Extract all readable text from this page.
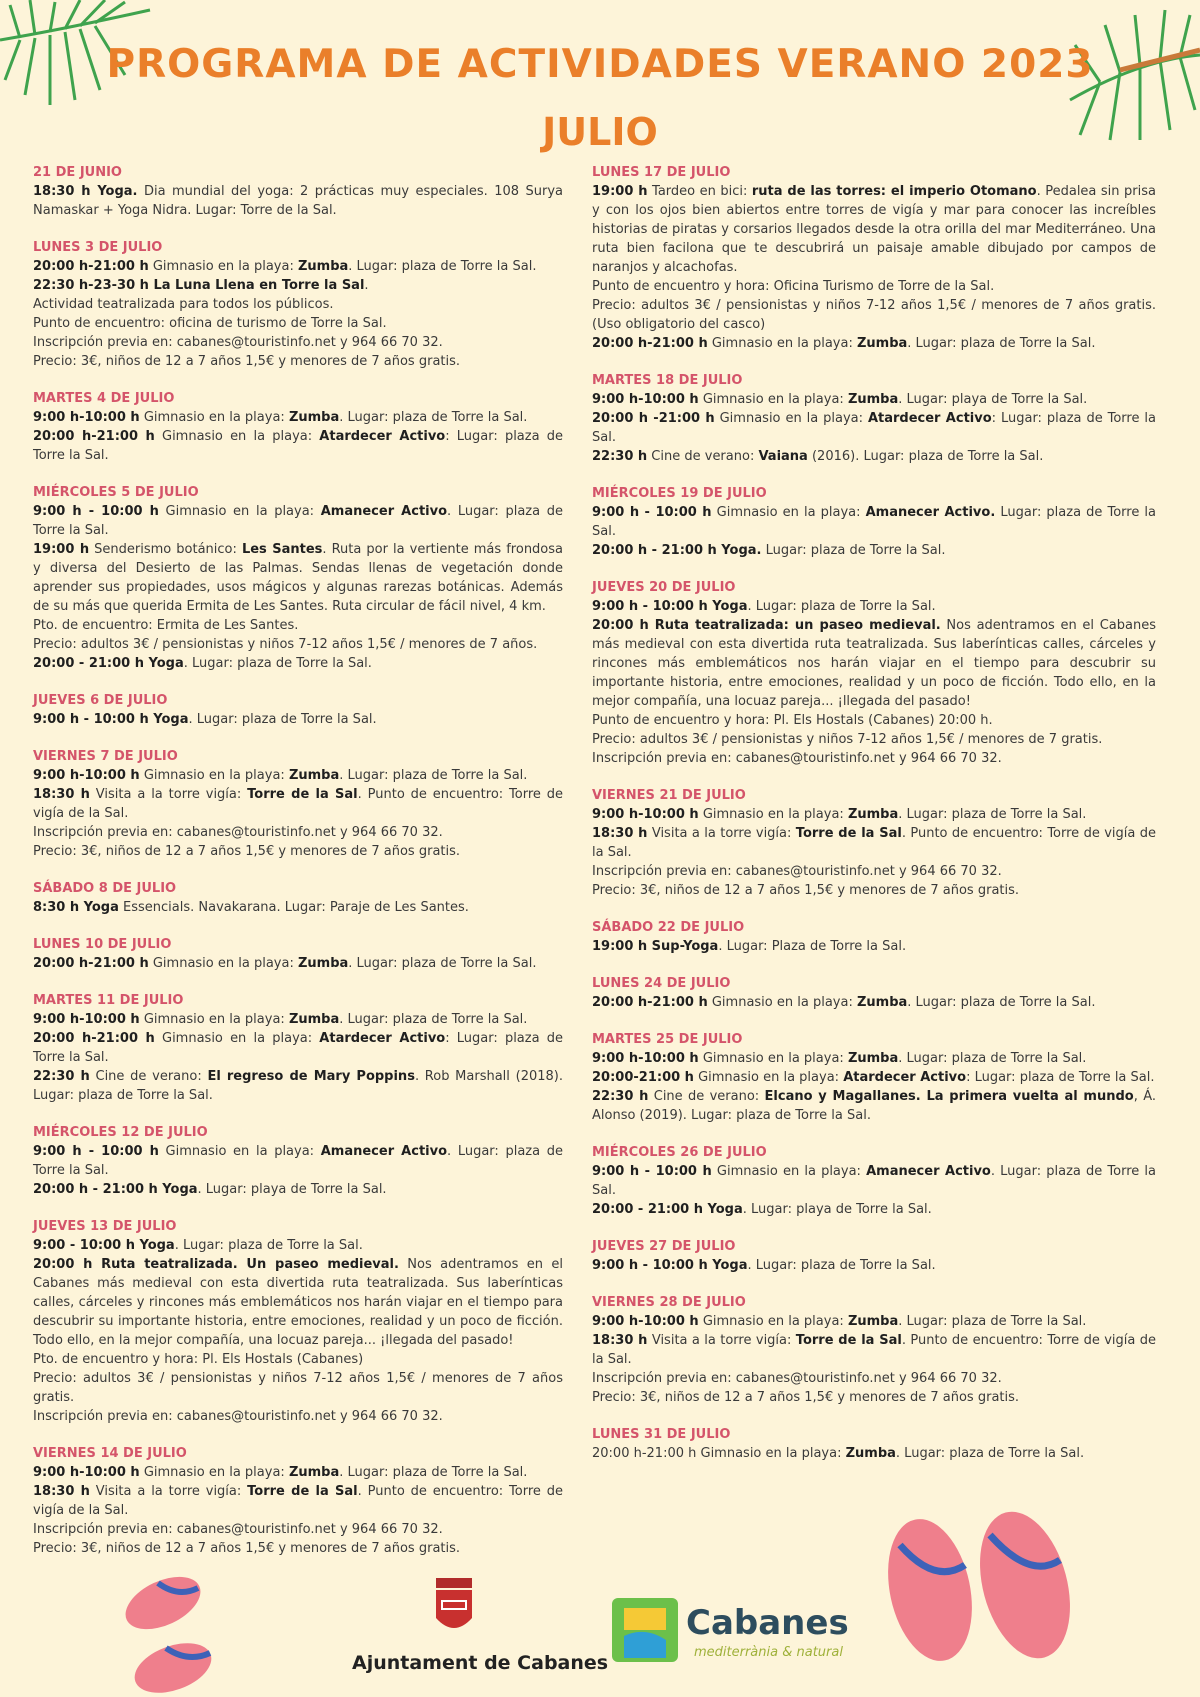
PROGRAMA DE ACTIVIDADES VERANO 2023
JULIO
21 DE JUNIO
18:30 h Yoga. Dia mundial del yoga: 2 prácticas muy especiales. 108 Surya Namaskar + Yoga Nidra. Lugar: Torre de la Sal.
LUNES 3 DE JULIO
20:00 h-21:00 h Gimnasio en la playa: Zumba. Lugar: plaza de Torre la Sal.
22:30 h-23-30 h La Luna Llena en Torre la Sal.
Actividad teatralizada para todos los públicos.
Punto de encuentro: oficina de turismo de Torre la Sal.
Inscripción previa en: cabanes@touristinfo.net y 964 66 70 32.
Precio: 3€, niños de 12 a 7 años 1,5€ y menores de 7 años gratis.
MARTES 4 DE JULIO
9:00 h-10:00 h Gimnasio en la playa: Zumba. Lugar: plaza de Torre la Sal.
20:00 h-21:00 h Gimnasio en la playa: Atardecer Activo: Lugar: plaza de Torre la Sal.
MIÉRCOLES 5 DE JULIO
9:00 h - 10:00 h Gimnasio en la playa: Amanecer Activo. Lugar: plaza de Torre la Sal.
19:00 h Senderismo botánico: Les Santes. Ruta por la vertiente más frondosa y diversa del Desierto de las Palmas. Sendas llenas de vegetación donde aprender sus propiedades, usos mágicos y algunas rarezas botánicas. Además de su más que querida Ermita de Les Santes. Ruta circular de fácil nivel, 4 km.
Pto. de encuentro: Ermita de Les Santes.
Precio: adultos 3€ / pensionistas y niños 7-12 años 1,5€ / menores de 7 años.
20:00 - 21:00 h Yoga. Lugar: plaza de Torre la Sal.
JUEVES 6 DE JULIO
9:00 h - 10:00 h Yoga. Lugar: plaza de Torre la Sal.
VIERNES 7 DE JULIO
9:00 h-10:00 h Gimnasio en la playa: Zumba. Lugar: plaza de Torre la Sal.
18:30 h Visita a la torre vigía: Torre de la Sal. Punto de encuentro: Torre de vigía de la Sal.
Inscripción previa en: cabanes@touristinfo.net y 964 66 70 32.
Precio: 3€, niños de 12 a 7 años 1,5€ y menores de 7 años gratis.
SÁBADO 8 DE JULIO
8:30 h Yoga Essencials. Navakarana. Lugar: Paraje de Les Santes.
LUNES 10 DE JULIO
20:00 h-21:00 h Gimnasio en la playa: Zumba. Lugar: plaza de Torre la Sal.
MARTES 11 DE JULIO
9:00 h-10:00 h Gimnasio en la playa: Zumba. Lugar: plaza de Torre la Sal.
20:00 h-21:00 h Gimnasio en la playa: Atardecer Activo: Lugar: plaza de Torre la Sal.
22:30 h Cine de verano: El regreso de Mary Poppins. Rob Marshall (2018). Lugar: plaza de Torre la Sal.
MIÉRCOLES 12 DE JULIO
9:00 h - 10:00 h Gimnasio en la playa: Amanecer Activo. Lugar: plaza de Torre la Sal.
20:00 h - 21:00 h Yoga. Lugar: playa de Torre la Sal.
JUEVES 13 DE JULIO
9:00 - 10:00 h Yoga. Lugar: plaza de Torre la Sal.
20:00 h Ruta teatralizada. Un paseo medieval. Nos adentramos en el Cabanes más medieval con esta divertida ruta teatralizada. Sus laberínticas calles, cárceles y rincones más emblemáticos nos harán viajar en el tiempo para descubrir su importante historia, entre emociones, realidad y un poco de ficción. Todo ello, en la mejor compañía, una locuaz pareja... ¡llegada del pasado!
Pto. de encuentro y hora: Pl. Els Hostals (Cabanes)
Precio: adultos 3€ / pensionistas y niños 7-12 años 1,5€ / menores de 7 años gratis.
Inscripción previa en: cabanes@touristinfo.net y 964 66 70 32.
VIERNES 14 DE JULIO
9:00 h-10:00 h Gimnasio en la playa: Zumba. Lugar: plaza de Torre la Sal.
18:30 h Visita a la torre vigía: Torre de la Sal. Punto de encuentro: Torre de vigía de la Sal.
Inscripción previa en: cabanes@touristinfo.net y 964 66 70 32.
Precio: 3€, niños de 12 a 7 años 1,5€ y menores de 7 años gratis.
LUNES 17 DE JULIO
19:00 h Tardeo en bici: ruta de las torres: el imperio Otomano. Pedalea sin prisa y con los ojos bien abiertos entre torres de vigía y mar para conocer las increíbles historias de piratas y corsarios llegados desde la otra orilla del mar Mediterráneo. Una ruta bien facilona que te descubrirá un paisaje amable dibujado por campos de naranjos y alcachofas.
Punto de encuentro y hora: Oficina Turismo de Torre de la Sal.
Precio: adultos 3€ / pensionistas y niños 7-12 años 1,5€ / menores de 7 años gratis. (Uso obligatorio del casco)
20:00 h-21:00 h Gimnasio en la playa: Zumba. Lugar: plaza de Torre la Sal.
MARTES 18 DE JULIO
9:00 h-10:00 h Gimnasio en la playa: Zumba. Lugar: playa de Torre la Sal.
20:00 h -21:00 h Gimnasio en la playa: Atardecer Activo: Lugar: plaza de Torre la Sal.
22:30 h Cine de verano: Vaiana (2016). Lugar: plaza de Torre la Sal.
MIÉRCOLES 19 DE JULIO
9:00 h - 10:00 h Gimnasio en la playa: Amanecer Activo. Lugar: plaza de Torre la Sal.
20:00 h - 21:00 h Yoga. Lugar: plaza de Torre la Sal.
JUEVES 20 DE JULIO
9:00 h - 10:00 h Yoga. Lugar: plaza de Torre la Sal.
20:00 h Ruta teatralizada: un paseo medieval. Nos adentramos en el Cabanes más medieval con esta divertida ruta teatralizada. Sus laberínticas calles, cárceles y rincones más emblemáticos nos harán viajar en el tiempo para descubrir su importante historia, entre emociones, realidad y un poco de ficción. Todo ello, en la mejor compañía, una locuaz pareja... ¡llegada del pasado!
Punto de encuentro y hora: Pl. Els Hostals (Cabanes) 20:00 h.
Precio: adultos 3€ / pensionistas y niños 7-12 años 1,5€ / menores de 7 gratis.
Inscripción previa en: cabanes@touristinfo.net y 964 66 70 32.
VIERNES 21 DE JULIO
9:00 h-10:00 h Gimnasio en la playa: Zumba. Lugar: plaza de Torre la Sal.
18:30 h Visita a la torre vigía: Torre de la Sal. Punto de encuentro: Torre de vigía de la Sal.
Inscripción previa en: cabanes@touristinfo.net y 964 66 70 32.
Precio: 3€, niños de 12 a 7 años 1,5€ y menores de 7 años gratis.
SÁBADO 22 DE JULIO
19:00 h Sup-Yoga. Lugar: Plaza de Torre la Sal.
LUNES 24 DE JULIO
20:00 h-21:00 h Gimnasio en la playa: Zumba. Lugar: plaza de Torre la Sal.
MARTES 25 DE JULIO
9:00 h-10:00 h Gimnasio en la playa: Zumba. Lugar: plaza de Torre la Sal.
20:00-21:00 h Gimnasio en la playa: Atardecer Activo: Lugar: plaza de Torre la Sal.
22:30 h Cine de verano: Elcano y Magallanes. La primera vuelta al mundo, Á. Alonso (2019). Lugar: plaza de Torre la Sal.
MIÉRCOLES 26 DE JULIO
9:00 h - 10:00 h Gimnasio en la playa: Amanecer Activo. Lugar: plaza de Torre la Sal.
20:00 - 21:00 h Yoga. Lugar: playa de Torre la Sal.
JUEVES 27 DE JULIO
9:00 h - 10:00 h Yoga. Lugar: plaza de Torre la Sal.
VIERNES 28 DE JULIO
9:00 h-10:00 h Gimnasio en la playa: Zumba. Lugar: plaza de Torre la Sal.
18:30 h Visita a la torre vigía: Torre de la Sal. Punto de encuentro: Torre de vigía de la Sal.
Inscripción previa en: cabanes@touristinfo.net y 964 66 70 32.
Precio: 3€, niños de 12 a 7 años 1,5€ y menores de 7 años gratis.
LUNES 31 DE JULIO
20:00 h-21:00 h Gimnasio en la playa: Zumba. Lugar: plaza de Torre la Sal.
Ajuntament de Cabanes
Cabanes
mediterrània & natural
